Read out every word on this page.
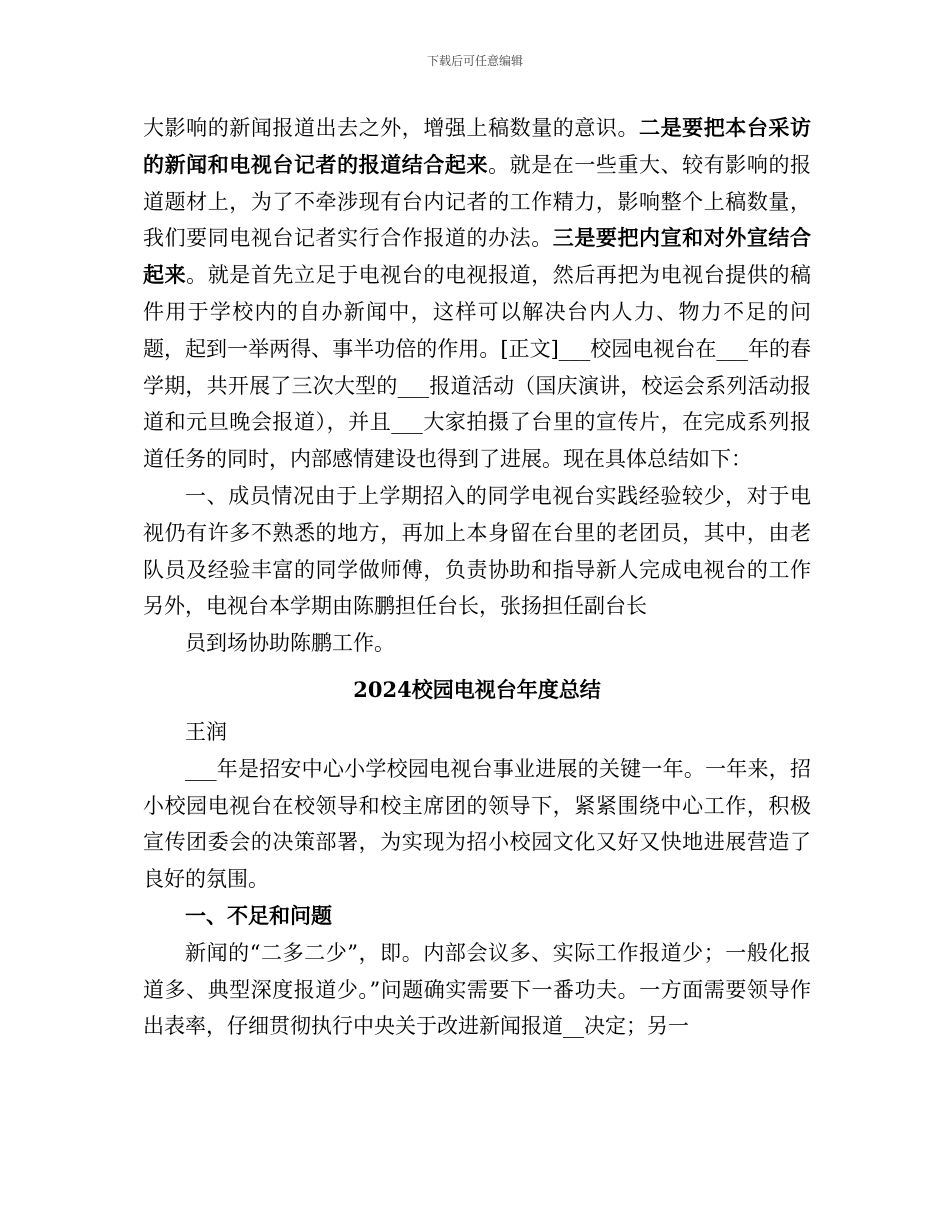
下载后可任意编辑

大影响的新闻报道出去之外，增强上稿数量的意识。二是要把本台采访的新闻和电视台记者的报道结合起来。就是在一些重大、较有影响的报道题材上，为了不牵涉现有台内记者的工作精力，影响整个上稿数量，我们要同电视台记者实行合作报道的办法。三是要把内宣和对外宣结合起来。就是首先立足于电视台的电视报道，然后再把为电视台提供的稿件用于学校内的自办新闻中，这样可以解决台内人力、物力不足的问题，起到一举两得、事半功倍的作用。[正文]___校园电视台在___年的春学期，共开展了三次大型的___报道活动（国庆演讲，校运会系列活动报道和元旦晚会报道），并且___大家拍摄了台里的宣传片，在完成系列报道任务的同时，内部感情建设也得到了进展。现在具体总结如下：

一、成员情况由于上学期招入的同学电视台实践经验较少，对于电视仍有许多不熟悉的地方，再加上本身留在台里的老团员，其中，由老队员及经验丰富的同学做师傅，负责协助和指导新人完成电视台的工作另外，电视台本学期由陈鹏担任台长，张扬担任副台长

员到场协助陈鹏工作。

2024校园电视台年度总结

王润

___年是招安中心小学校园电视台事业进展的关键一年。一年来，招小校园电视台在校领导和校主席团的领导下，紧紧围绕中心工作，积极宣传团委会的决策部署，为实现为招小校园文化又好又快地进展营造了良好的氛围。

一、不足和问题

新闻的“二多二少”，即。内部会议多、实际工作报道少；一般化报道多、典型深度报道少。”问题确实需要下一番功夫。一方面需要领导作出表率，仔细贯彻执行中央关于改进新闻报道__决定；另一
